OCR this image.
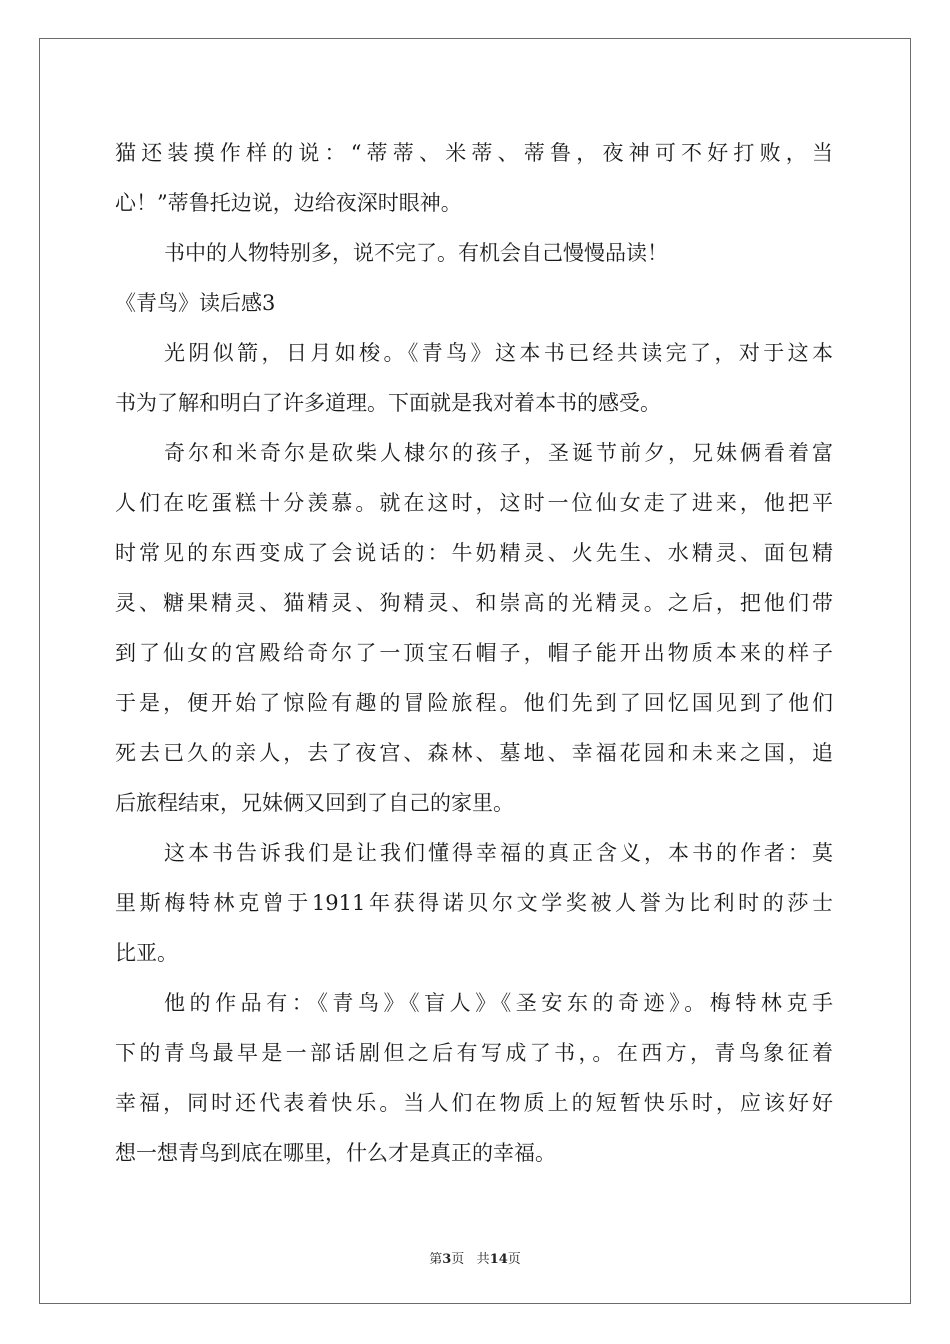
猫还装摸作样的说：“蒂蒂、米蒂、蒂鲁，夜神可不好打败，当
心！”蒂鲁托边说，边给夜深时眼神。
书中的人物特别多，说不完了。有机会自己慢慢品读！
《青鸟》读后感3
光阴似箭，日月如梭。《青鸟》这本书已经共读完了，对于这本
书为了解和明白了许多道理。下面就是我对着本书的感受。
奇尔和米奇尔是砍柴人棣尔的孩子，圣诞节前夕，兄妹俩看着富
人们在吃蛋糕十分羡慕。就在这时，这时一位仙女走了进来，他把平
时常见的东西变成了会说话的：牛奶精灵、火先生、水精灵、面包精
灵、糖果精灵、猫精灵、狗精灵、和崇高的光精灵。之后，把他们带
到了仙女的宫殿给奇尔了一顶宝石帽子，帽子能开出物质本来的样子
于是，便开始了惊险有趣的冒险旅程。他们先到了回忆国见到了他们
死去已久的亲人，去了夜宫、森林、墓地、幸福花园和未来之国，追
后旅程结束，兄妹俩又回到了自己的家里。
这本书告诉我们是让我们懂得幸福的真正含义，本书的作者：莫
里斯梅特林克曾于1911年获得诺贝尔文学奖被人誉为比利时的莎士
比亚。
他的作品有：《青鸟》《盲人》《圣安东的奇迹》。梅特林克手
下的青鸟最早是一部话剧但之后有写成了书，。在西方，青鸟象征着
幸福，同时还代表着快乐。当人们在物质上的短暂快乐时，应该好好
想一想青鸟到底在哪里，什么才是真正的幸福。
第3页 共14页
